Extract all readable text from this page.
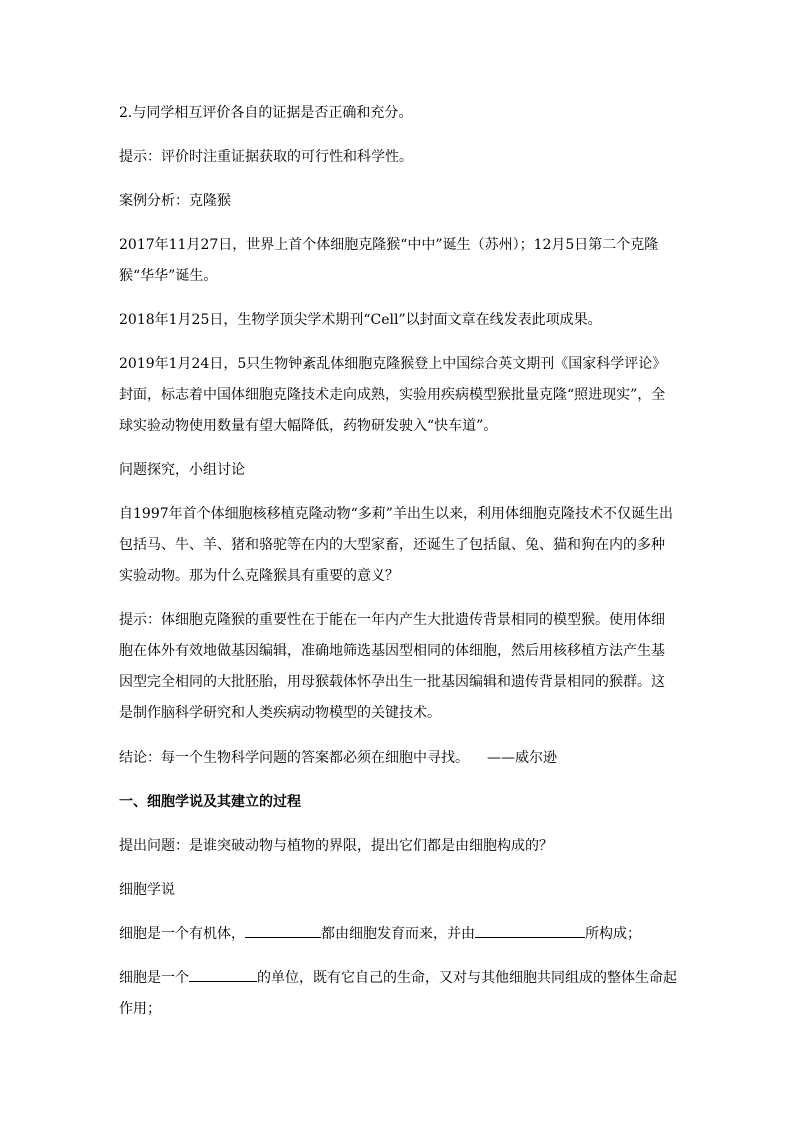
2.与同学相互评价各自的证据是否正确和充分。

提示：评价时注重证据获取的可行性和科学性。

案例分析：克隆猴

2017年11月27日，世界上首个体细胞克隆猴“中中”诞生（苏州）；12月5日第二个克隆猴“华华”诞生。

2018年1月25日，生物学顶尖学术期刊“Cell”以封面文章在线发表此项成果。

2019年1月24日，5只生物钟紊乱体细胞克隆猴登上中国综合英文期刊《国家科学评论》封面，标志着中国体细胞克隆技术走向成熟，实验用疾病模型猴批量克隆“照进现实”，全球实验动物使用数量有望大幅降低，药物研发驶入“快车道”。

问题探究，小组讨论

自1997年首个体细胞核移植克隆动物“多莉”羊出生以来，利用体细胞克隆技术不仅诞生出包括马、牛、羊、猪和骆驼等在内的大型家畜，还诞生了包括鼠、兔、猫和狗在内的多种实验动物。那为什么克隆猴具有重要的意义？

提示：体细胞克隆猴的重要性在于能在一年内产生大批遗传背景相同的模型猴。使用体细胞在体外有效地做基因编辑，准确地筛选基因型相同的体细胞，然后用核移植方法产生基因型完全相同的大批胚胎，用母猴载体怀孕出生一批基因编辑和遗传背景相同的猴群。这是制作脑科学研究和人类疾病动物模型的关键技术。

结论：每一个生物科学问题的答案都必须在细胞中寻找。 ——威尔逊

一、细胞学说及其建立的过程

提出问题：是谁突破动物与植物的界限，提出它们都是由细胞构成的？

细胞学说

细胞是一个有机体，	都由细胞发育而来，并由	所构成；

细胞是一个	的单位，既有它自己的生命，又对与其他细胞共同组成的整体生命起作用；
